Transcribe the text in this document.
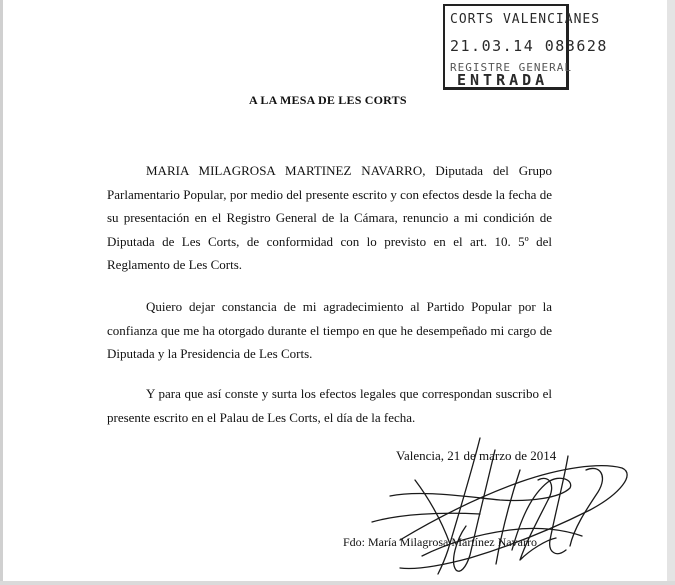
CORTS VALENCIANES
21.03.14 083628
REGISTRE GENERAL
ENTRADA
A LA MESA DE LES CORTS

MARIA MILAGROSA MARTINEZ NAVARRO, Diputada del Grupo Parlamentario Popular, por medio del presente escrito y con efectos desde la fecha de su presentación en el Registro General de la Cámara, renuncio a mi condición de Diputada de Les Corts, de conformidad con lo previsto en el art. 10. 5º del Reglamento de Les Corts.

Quiero dejar constancia de mi agradecimiento al Partido Popular por la confianza que me ha otorgado durante el tiempo en que he desempeñado mi cargo de Diputada y la Presidencia de Les Corts.

Y para que así conste y surta los efectos legales que correspondan suscribo el presente escrito en el Palau de Les Corts, el día de la fecha.

Valencia, 21 de marzo de 2014
Fdo: María Milagrosa Martínez Navarro
